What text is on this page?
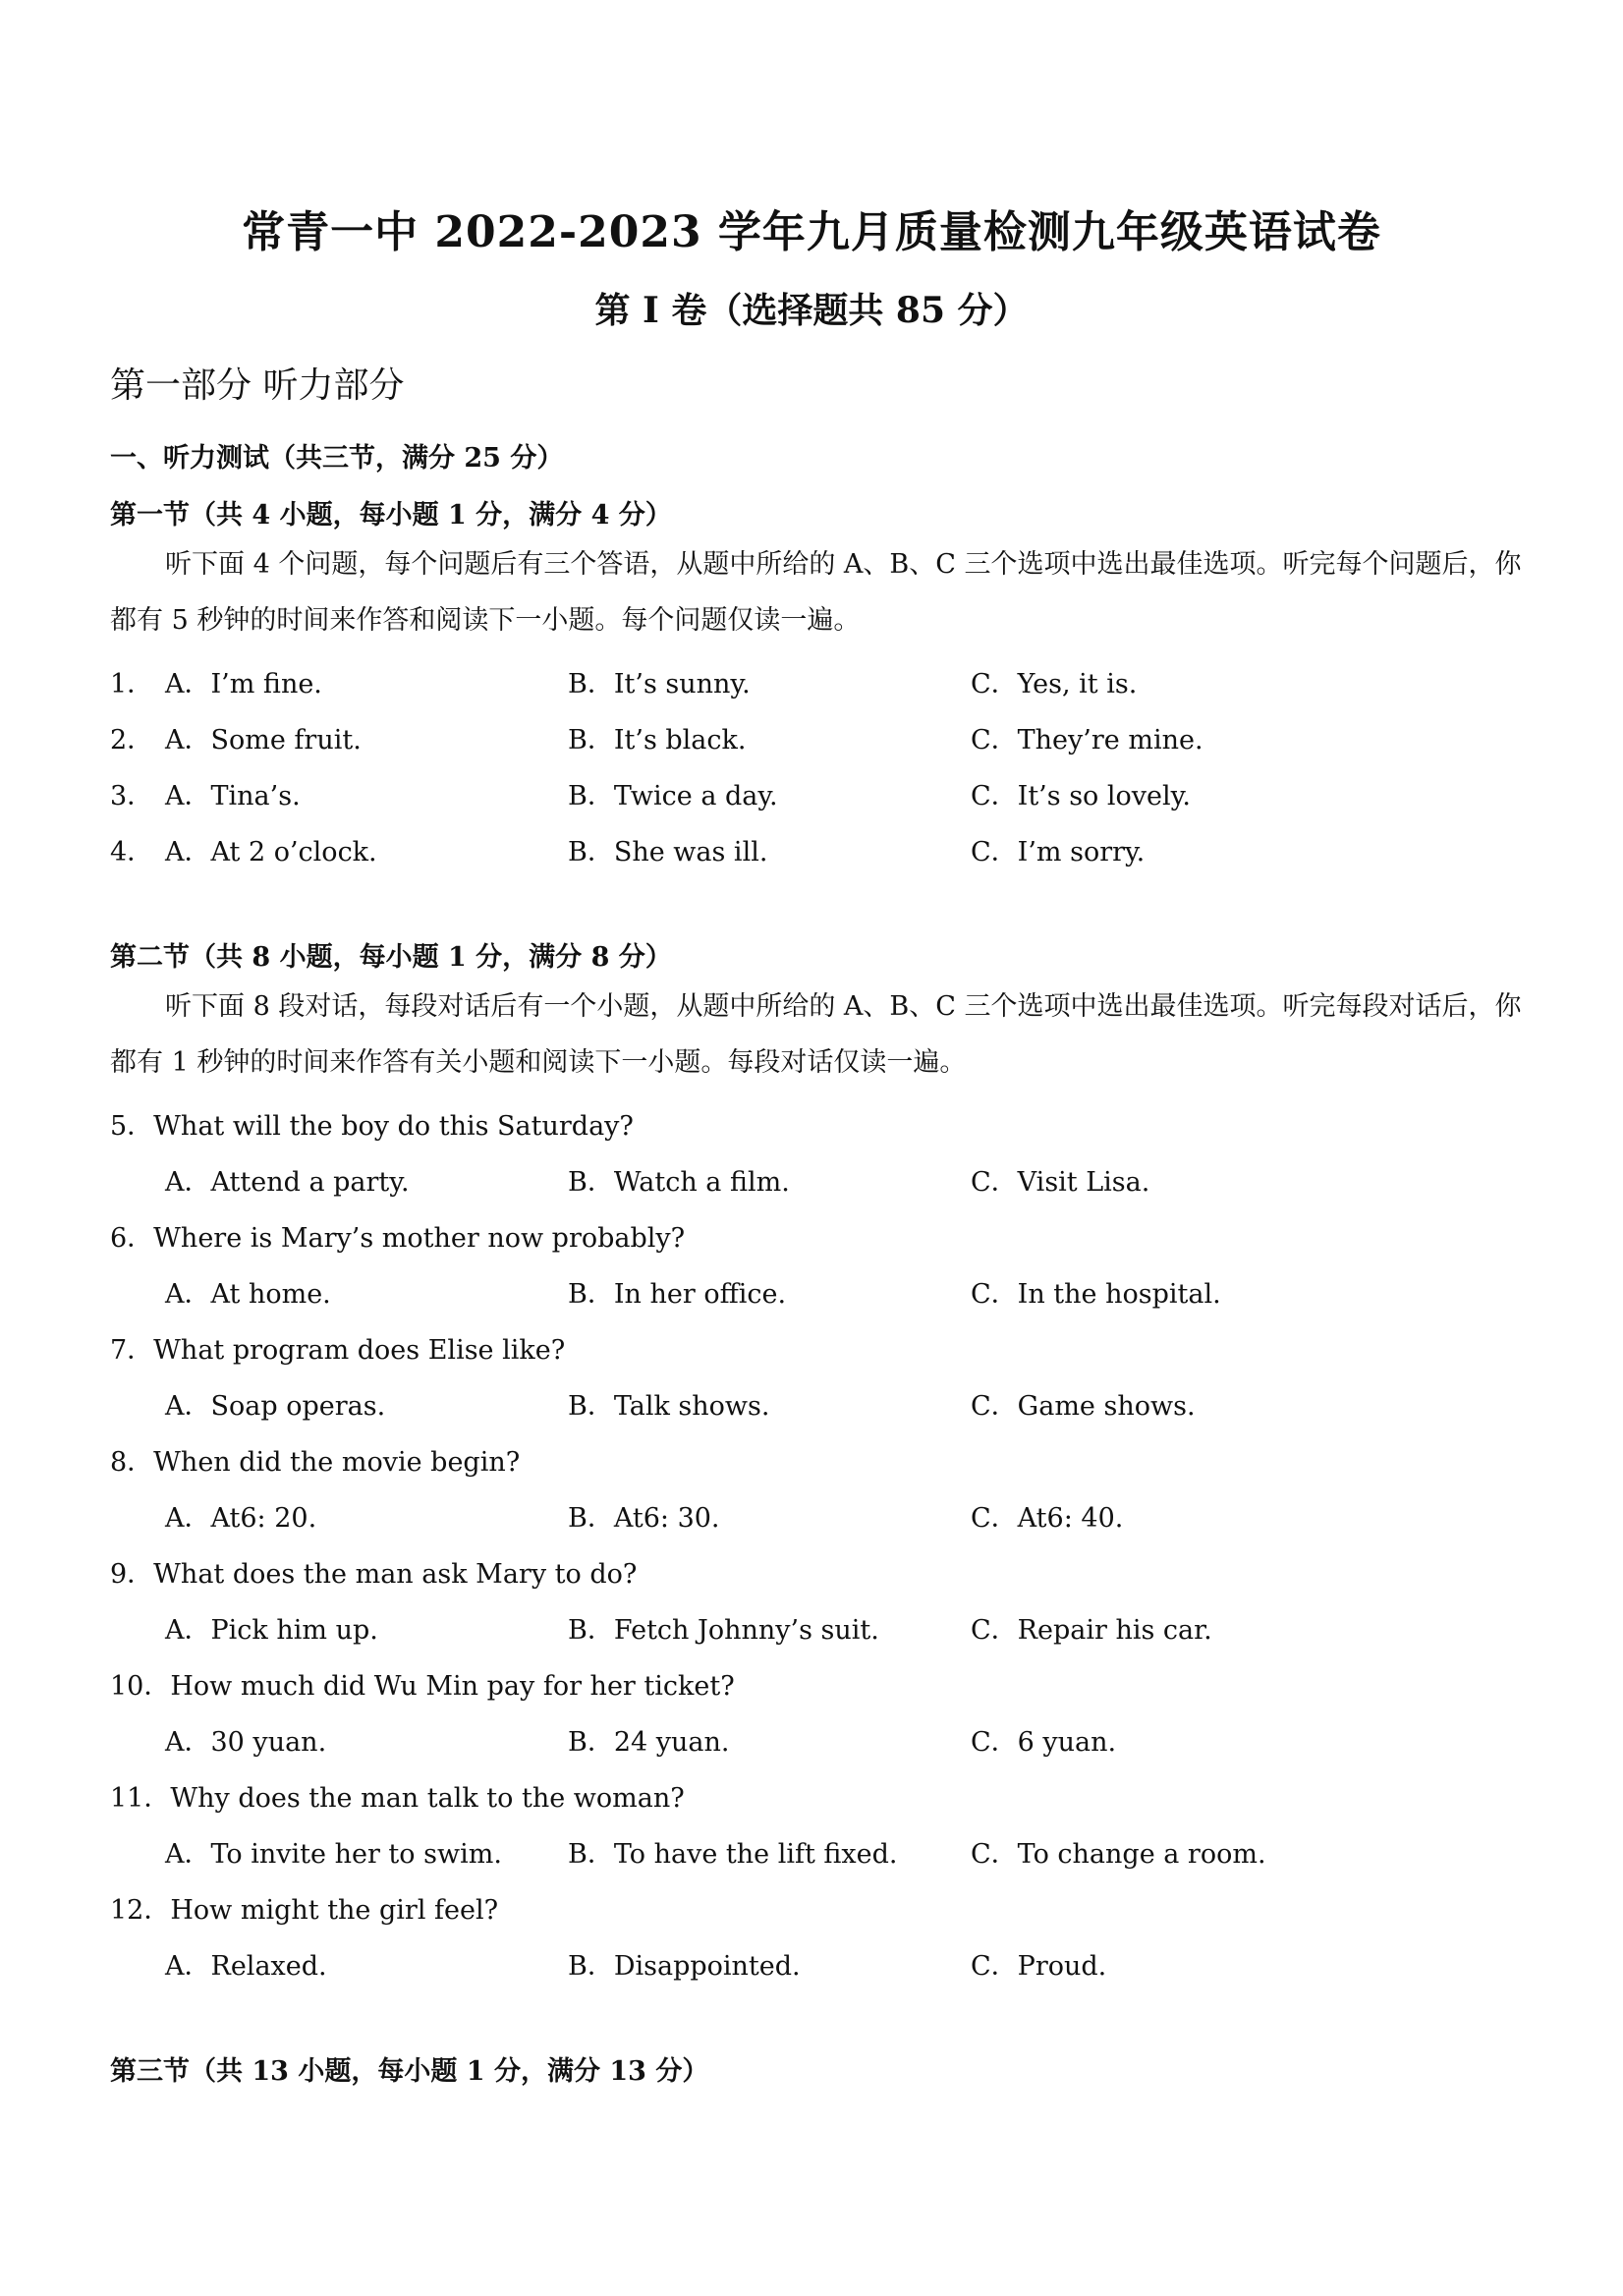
常青一中 2022-2023 学年九月质量检测九年级英语试卷
第 I 卷（选择题共 85 分）
第一部分 听力部分
一、听力测试（共三节，满分 25 分）
第一节（共 4 小题，每小题 1 分，满分 4 分）
听下面 4 个问题，每个问题后有三个答语，从题中所给的 A、B、C 三个选项中选出最佳选项。听完每个问题后，你都有 5 秒钟的时间来作答和阅读下一小题。每个问题仅读一遍。
1． A．I’m fine.	B．It’s sunny.	C．Yes, it is.
2． A．Some fruit.	B．It’s black.	C．They’re mine.
3． A．Tina’s.	B．Twice a day.	C．It’s so lovely.
4． A．At 2 o’clock.	B．She was ill.	C．I’m sorry.
第二节（共 8 小题，每小题 1 分，满分 8 分）
听下面 8 段对话，每段对话后有一个小题，从题中所给的 A、B、C 三个选项中选出最佳选项。听完每段对话后，你都有 1 秒钟的时间来作答有关小题和阅读下一小题。每段对话仅读一遍。
5．What will the boy do this Saturday?
A．Attend a party.	B．Watch a film.	C．Visit Lisa.
6．Where is Mary’s mother now probably?
A．At home.	B．In her office.	C．In the hospital.
7．What program does Elise like?
A．Soap operas.	B．Talk shows.	C．Game shows.
8．When did the movie begin?
A．At6: 20.	B．At6: 30.	C．At6: 40.
9．What does the man ask Mary to do?
A．Pick him up.	B．Fetch Johnny’s suit.	C．Repair his car.
10．How much did Wu Min pay for her ticket?
A．30 yuan.	B．24 yuan.	C．6 yuan.
11．Why does the man talk to the woman?
A．To invite her to swim. B．To have the lift fixed.	C．To change a room.
12．How might the girl feel?
A．Relaxed.	B．Disappointed.	C．Proud.
第三节（共 13 小题，每小题 1 分，满分 13 分）
